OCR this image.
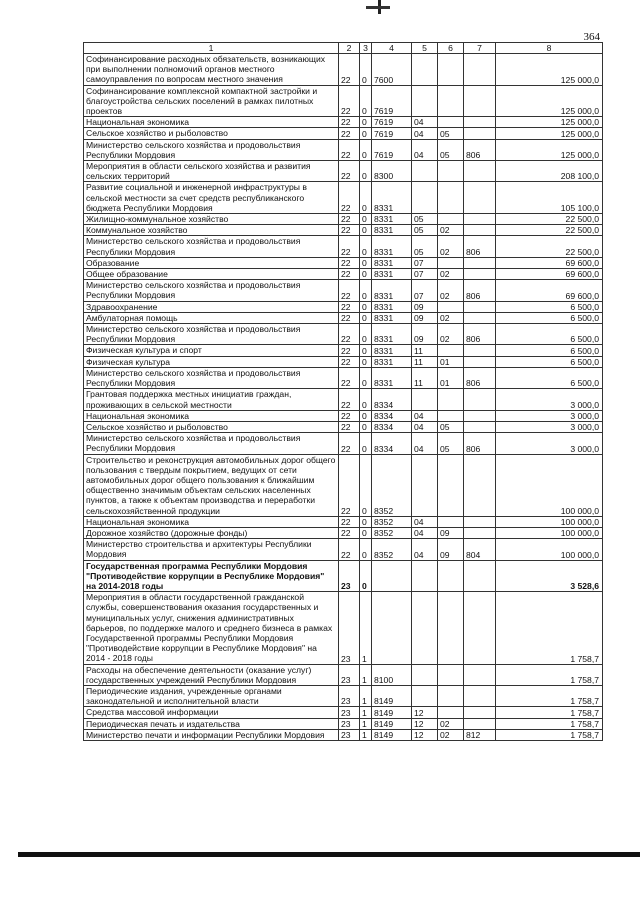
364
1	2	3	4	5	6	7	8
Софинансирование расходных обязательств, возникающих при выполнении полномочий органов местного самоуправления по вопросам местного значения	22	0	7600				125 000,0
Софинансирование комплексной компактной застройки и благоустройства сельских поселений в рамках пилотных проектов	22	0	7619				125 000,0
Национальная экономика	22	0	7619	04			125 000,0
Сельское хозяйство и рыболовство	22	0	7619	04	05		125 000,0
Министерство сельского хозяйства и продовольствия Республики Мордовия	22	0	7619	04	05	806	125 000,0
Мероприятия в области сельского хозяйства и развития сельских территорий	22	0	8300				208 100,0
Развитие социальной и инженерной инфраструктуры в сельской местности за счет средств республиканского бюджета Республики Мордовия	22	0	8331				105 100,0
Жилищно-коммунальное хозяйство	22	0	8331	05			22 500,0
Коммунальное хозяйство	22	0	8331	05	02		22 500,0
Министерство сельского хозяйства и продовольствия Республики Мордовия	22	0	8331	05	02	806	22 500,0
Образование	22	0	8331	07			69 600,0
Общее образование	22	0	8331	07	02		69 600,0
Министерство сельского хозяйства и продовольствия Республики Мордовия	22	0	8331	07	02	806	69 600,0
Здравоохранение	22	0	8331	09			6 500,0
Амбулаторная помощь	22	0	8331	09	02		6 500,0
Министерство сельского хозяйства и продовольствия Республики Мордовия	22	0	8331	09	02	806	6 500,0
Физическая культура и спорт	22	0	8331	11			6 500,0
Физическая культура	22	0	8331	11	01		6 500,0
Министерство сельского хозяйства и продовольствия Республики Мордовия	22	0	8331	11	01	806	6 500,0
Грантовая поддержка местных инициатив граждан, проживающих в сельской местности	22	0	8334				3 000,0
Национальная экономика	22	0	8334	04			3 000,0
Сельское хозяйство и рыболовство	22	0	8334	04	05		3 000,0
Министерство сельского хозяйства и продовольствия Республики Мордовия	22	0	8334	04	05	806	3 000,0
Строительство и реконструкция автомобильных дорог общего пользования с твердым покрытием, ведущих от сети автомобильных дорог общего пользования к ближайшим общественно значимым объектам сельских населенных пунктов, а также к объектам производства и переработки сельскохозяйственной продукции	22	0	8352				100 000,0
Национальная экономика	22	0	8352	04			100 000,0
Дорожное хозяйство (дорожные фонды)	22	0	8352	04	09		100 000,0
Министерство строительства и архитектуры Республики Мордовия	22	0	8352	04	09	804	100 000,0
Государственная программа Республики Мордовия "Противодействие коррупции в Республике Мордовия" на 2014-2018 годы	23	0					3 528,6
Мероприятия в области государственной гражданской службы, совершенствования оказания государственных и муниципальных услуг, снижения административных барьеров, по поддержке малого и среднего бизнеса в рамках Государственной программы Республики Мордовия "Противодействие коррупции в Республике Мордовия" на 2014 - 2018 годы	23	1					1 758,7
Расходы на обеспечение деятельности (оказание услуг) государственных учреждений Республики Мордовия	23	1	8100				1 758,7
Периодические издания, учрежденные органами законодательной и исполнительной власти	23	1	8149				1 758,7
Средства массовой информации	23	1	8149	12			1 758,7
Периодическая печать и издательства	23	1	8149	12	02		1 758,7
Министерство печати и информации Республики Мордовия	23	1	8149	12	02	812	1 758,7
